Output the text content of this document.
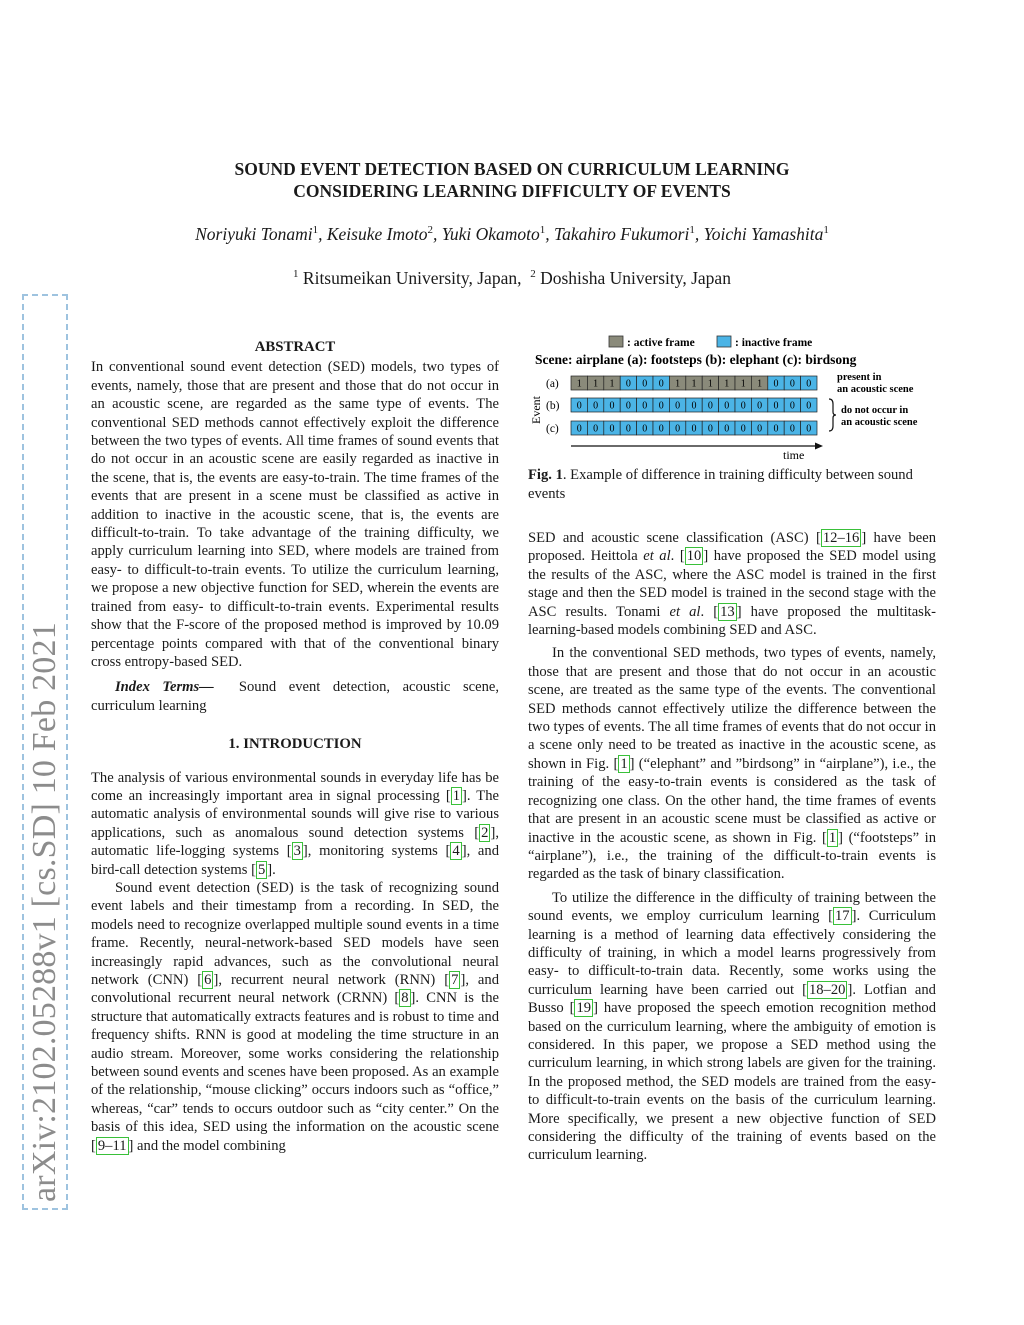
arXiv:2102.05288v1 [cs.SD] 10 Feb 2021
SOUND EVENT DETECTION BASED ON CURRICULUM LEARNING
CONSIDERING LEARNING DIFFICULTY OF EVENTS
Noriyuki Tonami$^1$, Keisuke Imoto$^2$, Yuki Okamoto$^1$, Takahiro Fukumori$^1$, Yoichi Yamashita$^1$
$^1$ Ritsumeikan University, Japan, $^2$ Doshisha University, Japan
ABSTRACT

In conventional sound event detection (SED) models, two types of events, namely, those that are present and those that do not occur in an acoustic scene, are regarded as the same type of events. The conventional SED methods cannot effectively exploit the difference between the two types of events. All time frames of sound events that do not occur in an acoustic scene are easily regarded as inactive in the scene, that is, the events are easy-to-train. The time frames of the events that are present in a scene must be classified as active in addition to inactive in the acoustic scene, that is, the events are difficult-to-train. To take advantage of the training difficulty, we apply curriculum learning into SED, where models are trained from easy- to difficult-to-train events. To utilize the curriculum learning, we propose a new objective function for SED, wherein the events are trained from easy- to difficult-to-train events. Experimental results show that the F-score of the proposed method is improved by 10.09 percentage points compared with that of the conventional binary cross entropy-based SED.

Index Terms— Sound event detection, acoustic scene, curriculum learning

1. INTRODUCTION

The analysis of various environmental sounds in everyday life has be come an increasingly important area in signal processing [ 1 ]. The automatic analysis of environmental sounds will give rise to various applications, such as anomalous sound detection systems [ 2 ], automatic life-logging systems [ 3 ], monitoring systems [ 4 ], and bird-call detection systems [ 5 ].

Sound event detection (SED) is the task of recognizing sound event labels and their timestamp from a recording. In SED, the models need to recognize overlapped multiple sound events in a time frame. Recently, neural-network-based SED models have seen increasingly rapid advances, such as the convolutional neural network (CNN) [ 6 ], recurrent neural network (RNN) [ 7 ], and convolutional recurrent neural network (CRNN) [ 8 ]. CNN is the structure that automatically extracts features and is robust to time and frequency shifts. RNN is good at modeling the time structure in an audio stream. Moreover, some works considering the relationship between sound events and scenes have been proposed. As an example of the relationship, “mouse clicking” occurs indoors such as “office,” whereas, “car” tends to occurs outdoor such as “city center.” On the basis of this idea, SED using the information on the acoustic scene [ 9–11 ] and the model combining

: active frame	: inactive frame
Scene: airplane (a): footsteps (b): elephant (c): birdsong
Event
(a)
(b)
(c)
1 1 1 0 0 0 1 1 1 1 1 1 0 0 0
0 0 0 0 0 0 0 0 0 0 0 0 0 0 0
0 0 0 0 0 0 0 0 0 0 0 0 0 0 0
time
present in
an acoustic scene
do not occur in
an acoustic scene
Fig. 1. Example of difference in training difficulty between sound events

SED and acoustic scene classification (ASC) [ 12–16 ] have been proposed. Heittola et al. [ 10 ] have proposed the SED model using the results of the ASC, where the ASC model is trained in the first stage and then the SED model is trained in the second stage with the ASC results. Tonami et al. [ 13 ] have proposed the multitask-learning-based models combining SED and ASC.

In the conventional SED methods, two types of events, namely, those that are present and those that do not occur in an acoustic scene, are treated as the same type of the events. The conventional SED methods cannot effectively utilize the difference between the two types of events. The all time frames of events that do not occur in a scene only need to be treated as inactive in the acoustic scene, as shown in Fig. [ 1 ] (“elephant” and ”birdsong” in “airplane”), i.e., the training of the easy-to-train events is considered as the task of recognizing one class. On the other hand, the time frames of events that are present in an acoustic scene must be classified as active or inactive in the acoustic scene, as shown in Fig. [ 1 ] (“footsteps” in “airplane”), i.e., the training of the difficult-to-train events is regarded as the task of binary classification.

To utilize the difference in the difficulty of training between the sound events, we employ curriculum learning [ 17 ]. Curriculum learning is a method of learning data effectively considering the difficulty of training, in which a model learns progressively from easy- to difficult-to-train data. Recently, some works using the curriculum learning have been carried out [ 18–20 ]. Lotfian and Busso [ 19 ] have proposed the speech emotion recognition method based on the curriculum learning, where the ambiguity of emotion is considered. In this paper, we propose a SED method using the curriculum learning, in which strong labels are given for the training. In the proposed method, the SED models are trained from the easy- to difficult-to-train events on the basis of the curriculum learning. More specifically, we present a new objective function of SED considering the difficulty of the training of events based on the curriculum learning.
